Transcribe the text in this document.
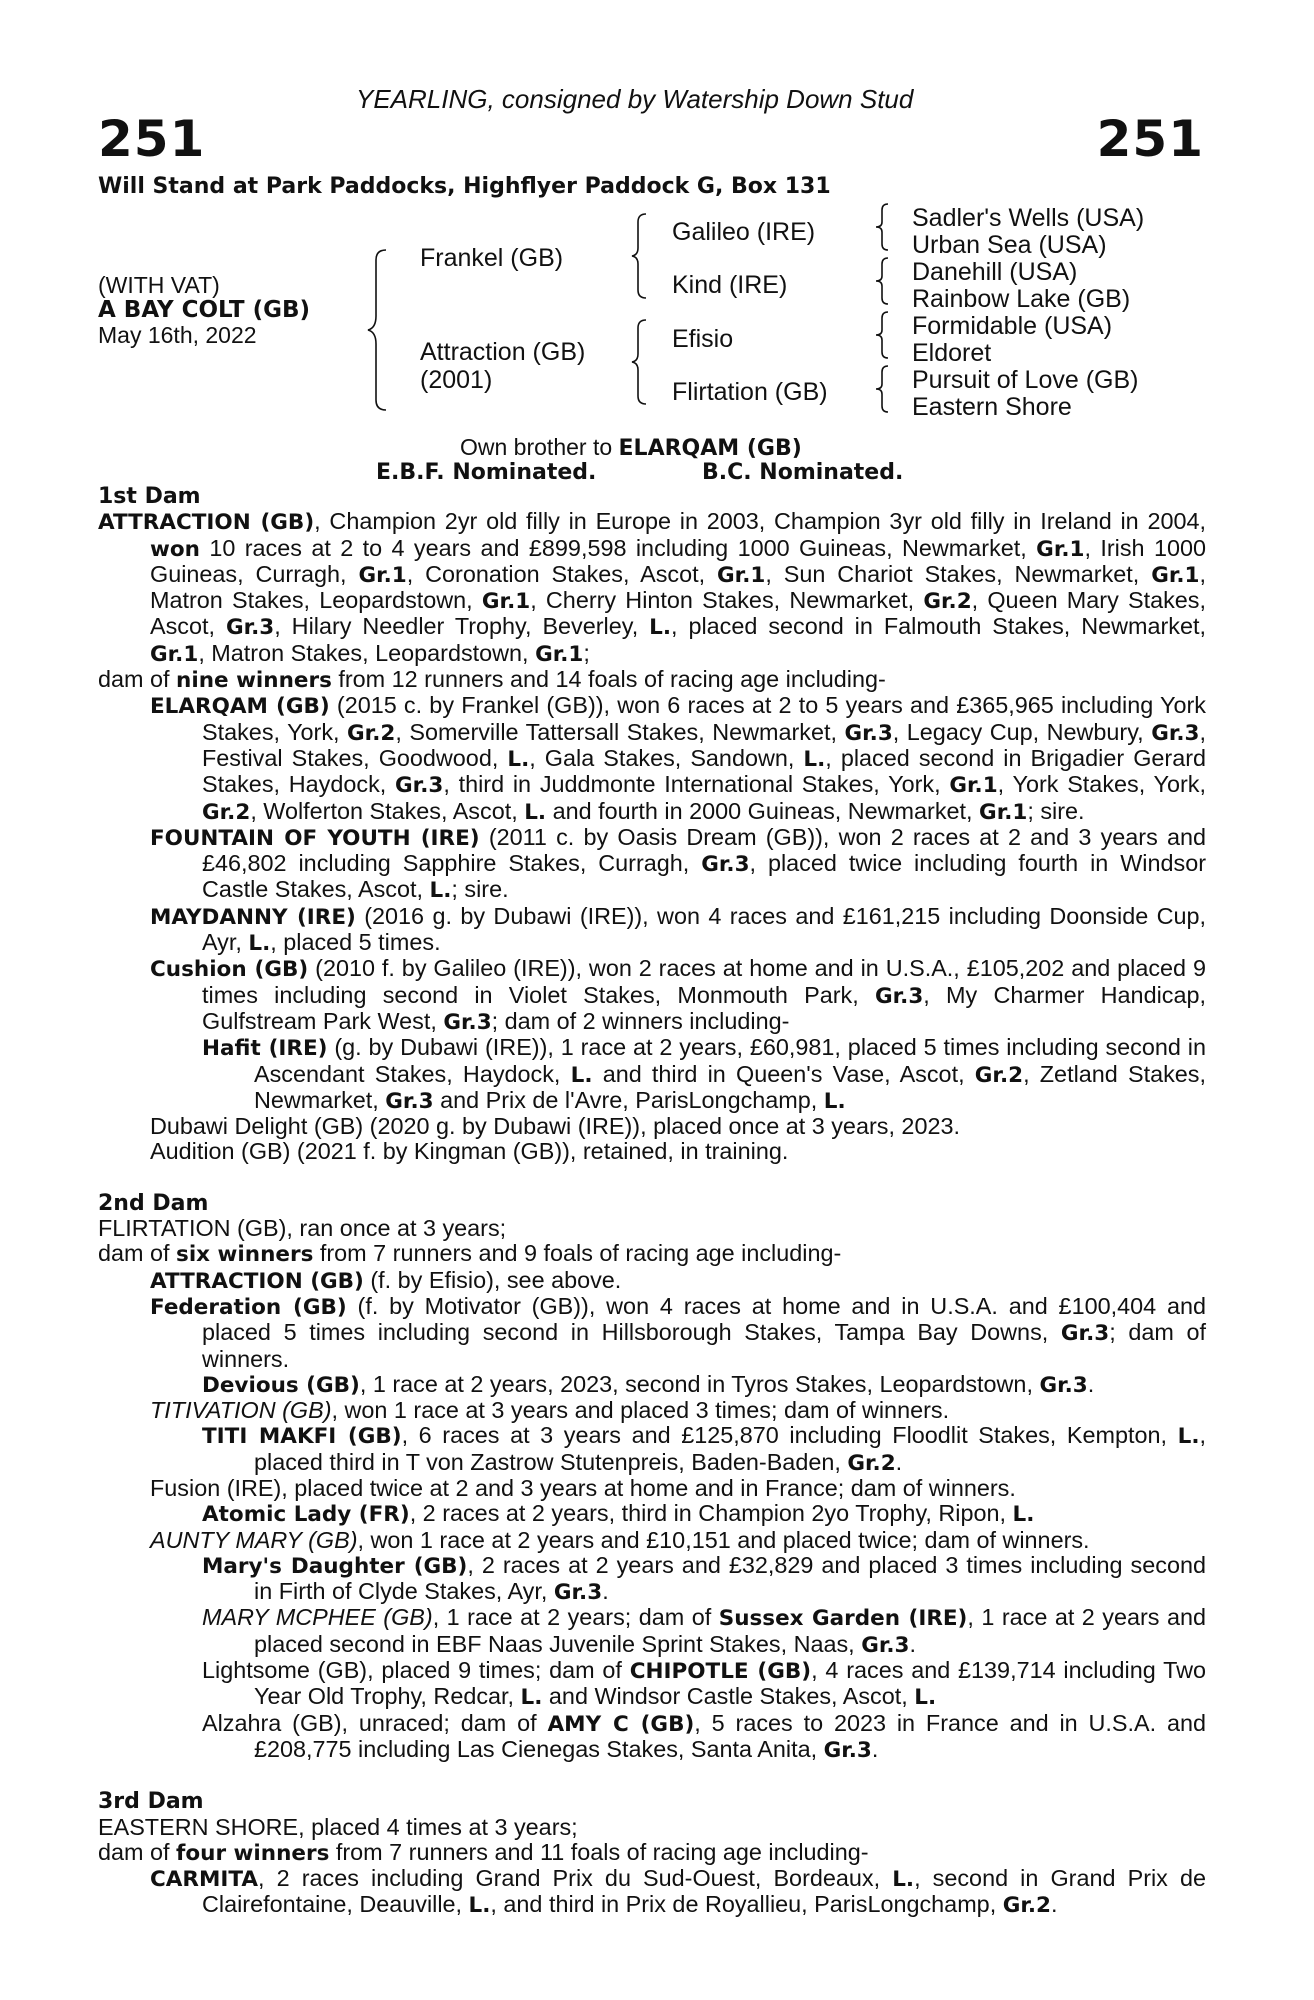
YEARLING, consigned by Watership Down Stud
251	251
Will Stand at Park Paddocks, Highflyer Paddock G, Box 131
(WITH VAT)
A BAY COLT (GB)
May 16th, 2022
Frankel (GB)
Attraction (GB)
(2001)
Galileo (IRE)
Kind (IRE)
Efisio
Flirtation (GB)
Sadler's Wells (USA)
Urban Sea (USA)
Danehill (USA)
Rainbow Lake (GB)
Formidable (USA)
Eldoret
Pursuit of Love (GB)
Eastern Shore
Own brother to ELARQAM (GB)
E.B.F. Nominated.	B.C. Nominated.
1st Dam
ATTRACTION (GB), Champion 2yr old filly in Europe in 2003, Champion 3yr old filly in Ireland in 2004, won 10 races at 2 to 4 years and £899,598 including 1000 Guineas, Newmarket, Gr.1, Irish 1000 Guineas, Curragh, Gr.1, Coronation Stakes, Ascot, Gr.1, Sun Chariot Stakes, Newmarket, Gr.1, Matron Stakes, Leopardstown, Gr.1, Cherry Hinton Stakes, Newmarket, Gr.2, Queen Mary Stakes, Ascot, Gr.3, Hilary Needler Trophy, Beverley, L., placed second in Falmouth Stakes, Newmarket, Gr.1, Matron Stakes, Leopardstown, Gr.1;
dam of nine winners from 12 runners and 14 foals of racing age including-
ELARQAM (GB) (2015 c. by Frankel (GB)), won 6 races at 2 to 5 years and £365,965 including York Stakes, York, Gr.2, Somerville Tattersall Stakes, Newmarket, Gr.3, Legacy Cup, Newbury, Gr.3, Festival Stakes, Goodwood, L., Gala Stakes, Sandown, L., placed second in Brigadier Gerard Stakes, Haydock, Gr.3, third in Juddmonte International Stakes, York, Gr.1, York Stakes, York, Gr.2, Wolferton Stakes, Ascot, L. and fourth in 2000 Guineas, Newmarket, Gr.1; sire.
FOUNTAIN OF YOUTH (IRE) (2011 c. by Oasis Dream (GB)), won 2 races at 2 and 3 years and £46,802 including Sapphire Stakes, Curragh, Gr.3, placed twice including fourth in Windsor Castle Stakes, Ascot, L.; sire.
MAYDANNY (IRE) (2016 g. by Dubawi (IRE)), won 4 races and £161,215 including Doonside Cup, Ayr, L., placed 5 times.
Cushion (GB) (2010 f. by Galileo (IRE)), won 2 races at home and in U.S.A., £105,202 and placed 9 times including second in Violet Stakes, Monmouth Park, Gr.3, My Charmer Handicap, Gulfstream Park West, Gr.3; dam of 2 winners including-
Hafit (IRE) (g. by Dubawi (IRE)), 1 race at 2 years, £60,981, placed 5 times including second in Ascendant Stakes, Haydock, L. and third in Queen's Vase, Ascot, Gr.2, Zetland Stakes, Newmarket, Gr.3 and Prix de l'Avre, ParisLongchamp, L.
Dubawi Delight (GB) (2020 g. by Dubawi (IRE)), placed once at 3 years, 2023.
Audition (GB) (2021 f. by Kingman (GB)), retained, in training.
2nd Dam
FLIRTATION (GB), ran once at 3 years;
dam of six winners from 7 runners and 9 foals of racing age including-
ATTRACTION (GB) (f. by Efisio), see above.
Federation (GB) (f. by Motivator (GB)), won 4 races at home and in U.S.A. and £100,404 and placed 5 times including second in Hillsborough Stakes, Tampa Bay Downs, Gr.3; dam of winners.
Devious (GB), 1 race at 2 years, 2023, second in Tyros Stakes, Leopardstown, Gr.3.
TITIVATION (GB), won 1 race at 3 years and placed 3 times; dam of winners.
TITI MAKFI (GB), 6 races at 3 years and £125,870 including Floodlit Stakes, Kempton, L., placed third in T von Zastrow Stutenpreis, Baden-Baden, Gr.2.
Fusion (IRE), placed twice at 2 and 3 years at home and in France; dam of winners.
Atomic Lady (FR), 2 races at 2 years, third in Champion 2yo Trophy, Ripon, L.
AUNTY MARY (GB), won 1 race at 2 years and £10,151 and placed twice; dam of winners.
Mary's Daughter (GB), 2 races at 2 years and £32,829 and placed 3 times including second in Firth of Clyde Stakes, Ayr, Gr.3.
MARY MCPHEE (GB), 1 race at 2 years; dam of Sussex Garden (IRE), 1 race at 2 years and placed second in EBF Naas Juvenile Sprint Stakes, Naas, Gr.3.
Lightsome (GB), placed 9 times; dam of CHIPOTLE (GB), 4 races and £139,714 including Two Year Old Trophy, Redcar, L. and Windsor Castle Stakes, Ascot, L.
Alzahra (GB), unraced; dam of AMY C (GB), 5 races to 2023 in France and in U.S.A. and £208,775 including Las Cienegas Stakes, Santa Anita, Gr.3.
3rd Dam
EASTERN SHORE, placed 4 times at 3 years;
dam of four winners from 7 runners and 11 foals of racing age including-
CARMITA, 2 races including Grand Prix du Sud-Ouest, Bordeaux, L., second in Grand Prix de Clairefontaine, Deauville, L., and third in Prix de Royallieu, ParisLongchamp, Gr.2.
